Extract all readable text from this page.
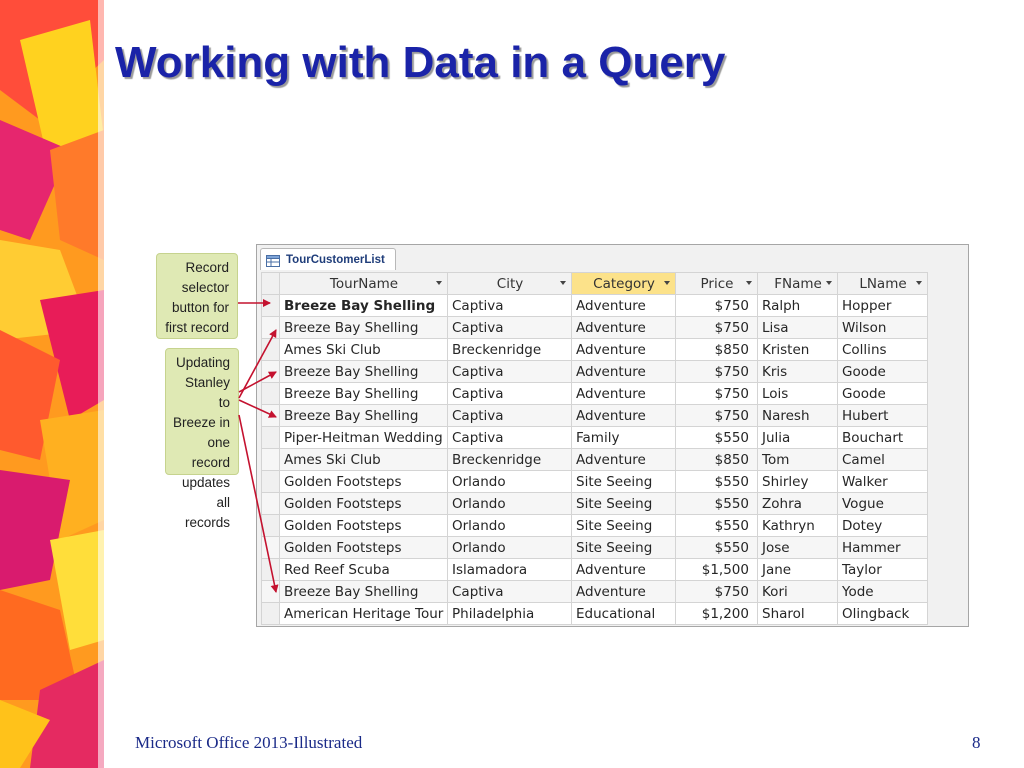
Working with Data in a Query
Record
selector
button for
first record
Updating
Stanley to
Breeze in
one record
updates
all records
TourCustomerList
	TourName	City	Category	Price	FName	LName

	Breeze Bay Shelling	Captiva	Adventure	$750	Ralph	Hopper
	Breeze Bay Shelling	Captiva	Adventure	$750	Lisa	Wilson
	Ames Ski Club	Breckenridge	Adventure	$850	Kristen	Collins
	Breeze Bay Shelling	Captiva	Adventure	$750	Kris	Goode
	Breeze Bay Shelling	Captiva	Adventure	$750	Lois	Goode
	Breeze Bay Shelling	Captiva	Adventure	$750	Naresh	Hubert
	Piper-Heitman Wedding	Captiva	Family	$550	Julia	Bouchart
	Ames Ski Club	Breckenridge	Adventure	$850	Tom	Camel
	Golden Footsteps	Orlando	Site Seeing	$550	Shirley	Walker
	Golden Footsteps	Orlando	Site Seeing	$550	Zohra	Vogue
	Golden Footsteps	Orlando	Site Seeing	$550	Kathryn	Dotey
	Golden Footsteps	Orlando	Site Seeing	$550	Jose	Hammer
	Red Reef Scuba	Islamadora	Adventure	$1,500	Jane	Taylor
	Breeze Bay Shelling	Captiva	Adventure	$750	Kori	Yode
	American Heritage Tour	Philadelphia	Educational	$1,200	Sharol	Olingback
Microsoft Office 2013-Illustrated	8
